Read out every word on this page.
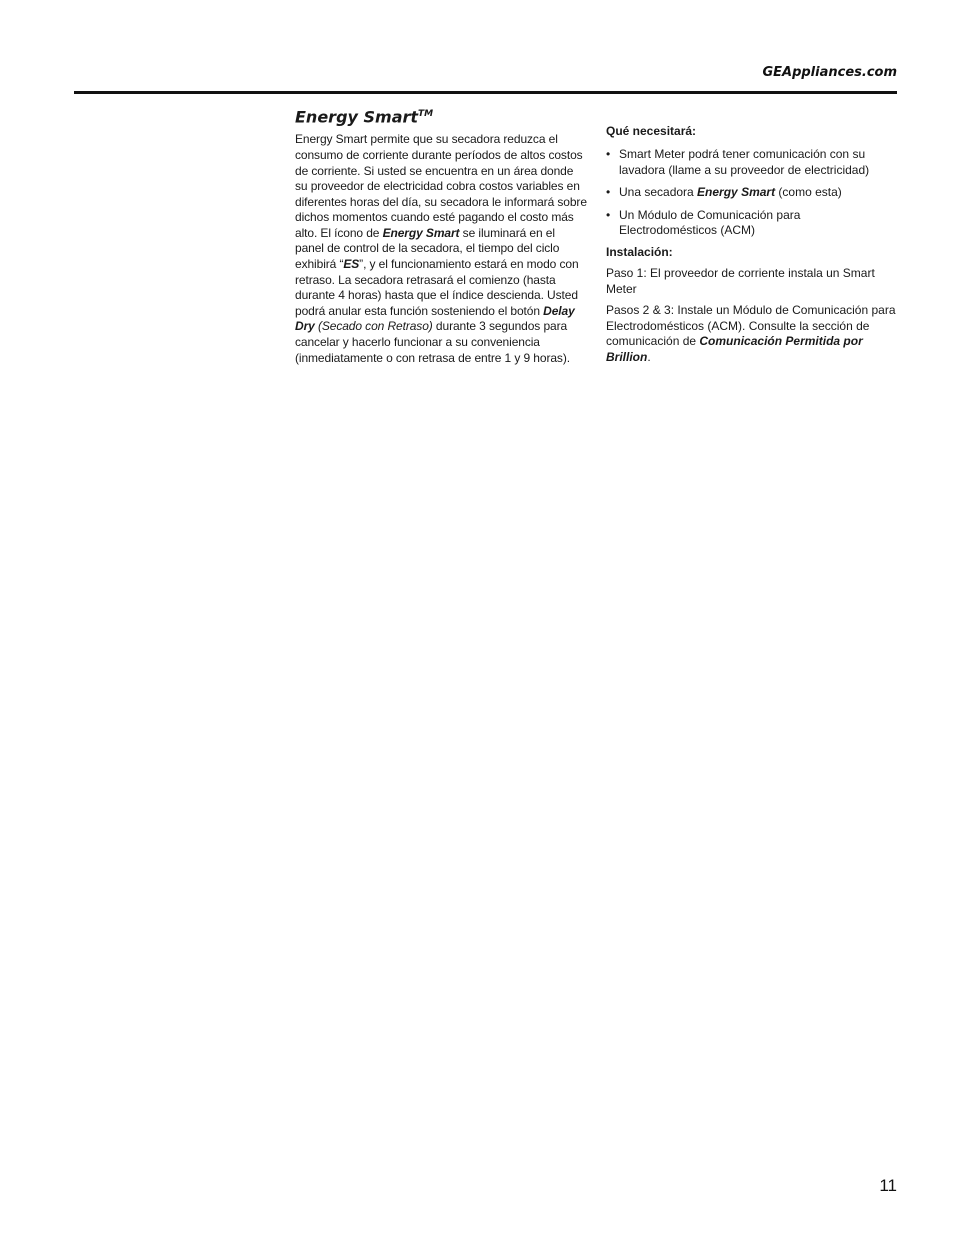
GEAppliances.com
Energy Smart™

Energy Smart permite que su secadora reduzca el consumo de corriente durante períodos de altos costos de corriente. Si usted se encuentra en un área donde su proveedor de electricidad cobra costos variables en diferentes horas del día, su secadora le informará sobre dichos momentos cuando esté pagando el costo más alto. El ícono de Energy Smart se iluminará en el panel de control de la secadora, el tiempo del ciclo exhibirá “ES”, y el funcionamiento estará en modo con retraso. La secadora retrasará el comienzo (hasta durante 4 horas) hasta que el índice descienda. Usted podrá anular esta función sosteniendo el botón Delay Dry (Secado con Retraso) durante 3 segundos para cancelar y hacerlo funcionar a su conveniencia (inmediatamente o con retrasa de entre 1 y 9 horas).

Qué necesitará:
• Smart Meter podrá tener comunicación con su lavadora (llame a su proveedor de electricidad)
• Una secadora Energy Smart (como esta)
• Un Módulo de Comunicación para Electrodomésticos (ACM)
Instalación:

Paso 1: El proveedor de corriente instala un Smart Meter

Pasos 2 & 3: Instale un Módulo de Comunicación para Electrodomésticos (ACM). Consulte la sección de comunicación de Comunicación Permitida por Brillion.

11
